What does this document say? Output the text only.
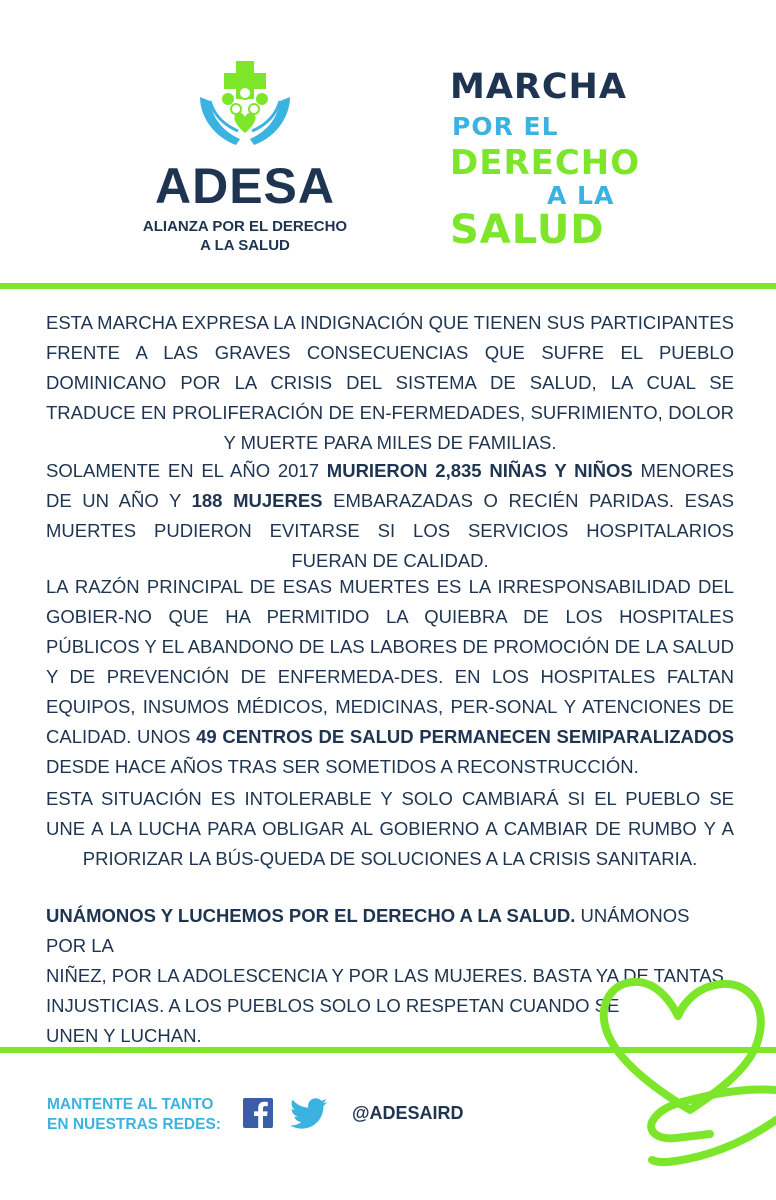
ADESA
ALIANZA POR EL DERECHO
A LA SALUD
MARCHA
POR EL
DERECHO
A LA
SALUD

ESTA MARCHA EXPRESA LA INDIGNACIÓN QUE TIENEN SUS PARTICIPANTES FRENTE A LAS GRAVES CONSECUENCIAS QUE SUFRE EL PUEBLO DOMINICANO POR LA CRISIS DEL SISTEMA DE SALUD, LA CUAL SE TRADUCE EN PROLIFERACIÓN DE EN-FERMEDADES, SUFRIMIENTO, DOLOR Y MUERTE PARA MILES DE FAMILIAS.

SOLAMENTE EN EL AÑO 2017 MURIERON 2,835 NIÑAS Y NIÑOS MENORES DE UN AÑO Y 188 MUJERES EMBARAZADAS O RECIÉN PARIDAS. ESAS MUERTES PUDIERON EVITARSE SI LOS SERVICIOS HOSPITALARIOS FUERAN DE CALIDAD.

LA RAZÓN PRINCIPAL DE ESAS MUERTES ES LA IRRESPONSABILIDAD DEL GOBIER-NO QUE HA PERMITIDO LA QUIEBRA DE LOS HOSPITALES PÚBLICOS Y EL ABANDONO DE LAS LABORES DE PROMOCIÓN DE LA SALUD Y DE PREVENCIÓN DE ENFERMEDA-DES. EN LOS HOSPITALES FALTAN EQUIPOS, INSUMOS MÉDICOS, MEDICINAS, PER-SONAL Y ATENCIONES DE CALIDAD. UNOS 49 CENTROS DE SALUD PERMANECEN SEMIPARALIZADOS DESDE HACE AÑOS TRAS SER SOMETIDOS A RECONSTRUCCIÓN.

ESTA SITUACIÓN ES INTOLERABLE Y SOLO CAMBIARÁ SI EL PUEBLO SE UNE A LA LUCHA PARA OBLIGAR AL GOBIERNO A CAMBIAR DE RUMBO Y A PRIORIZAR LA BÚS-QUEDA DE SOLUCIONES A LA CRISIS SANITARIA.

UNÁMONOS Y LUCHEMOS POR EL DERECHO A LA SALUD. UNÁMONOS POR LA
NIÑEZ, POR LA ADOLESCENCIA Y POR LAS MUJERES. BASTA YA DE TANTAS
INJUSTICIAS. A LOS PUEBLOS SOLO LO RESPETAN CUANDO SE
UNEN Y LUCHAN.
MANTENTE AL TANTO
EN NUESTRAS REDES:
@ADESAIRD
